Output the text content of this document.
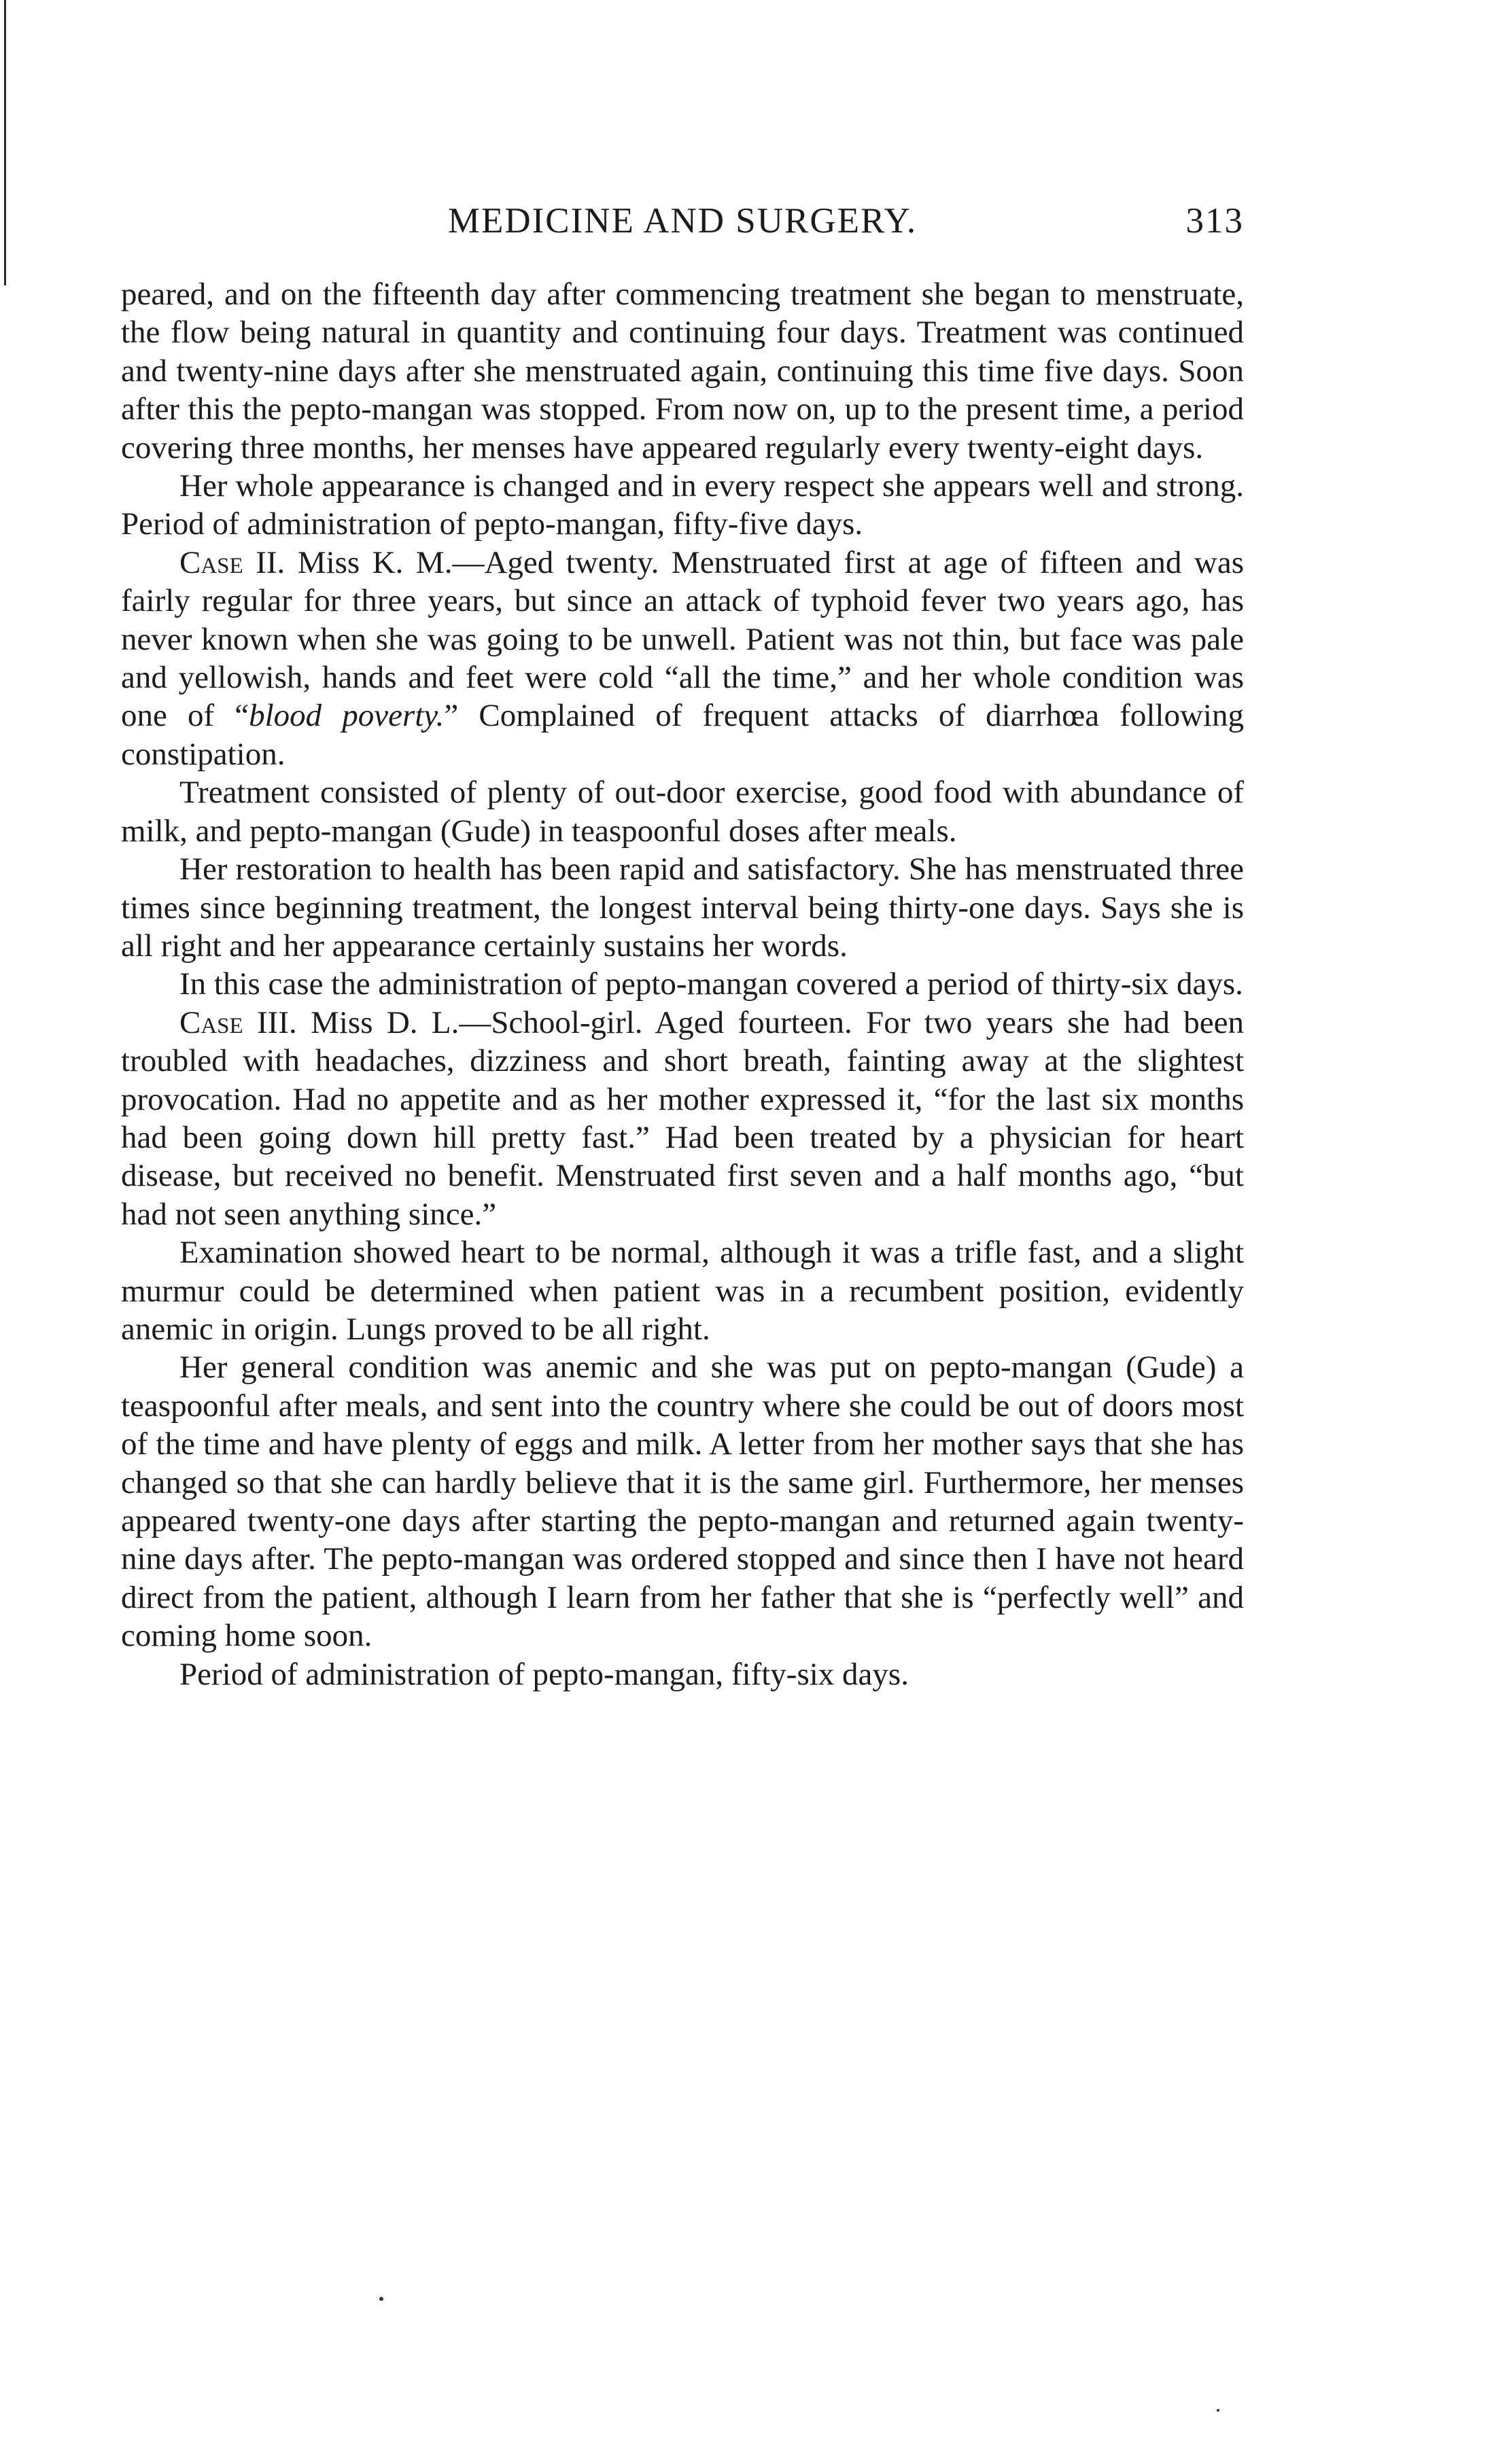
MEDICINE AND SURGERY.	313

peared, and on the fifteenth day after commencing treatment she began to menstruate, the flow being natural in quantity and continuing four days. Treatment was continued and twenty-nine days after she menstruated again, continuing this time five days. Soon after this the pepto-mangan was stopped. From now on, up to the present time, a period covering three months, her menses have appeared regularly every twenty-eight days.

Her whole appearance is changed and in every respect she appears well and strong. Period of administration of pepto-mangan, fifty-five days.

Case II. Miss K. M.—Aged twenty. Menstruated first at age of fifteen and was fairly regular for three years, but since an attack of typhoid fever two years ago, has never known when she was going to be unwell. Patient was not thin, but face was pale and yellowish, hands and feet were cold “all the time,” and her whole condition was one of “blood poverty.” Complained of frequent attacks of diarrhœa following constipation.

Treatment consisted of plenty of out-door exercise, good food with abundance of milk, and pepto-mangan (Gude) in teaspoonful doses after meals.

Her restoration to health has been rapid and satisfactory. She has menstruated three times since beginning treatment, the longest interval being thirty-one days. Says she is all right and her appearance certainly sustains her words.

In this case the administration of pepto-mangan covered a period of thirty-six days.

Case III. Miss D. L.—School-girl. Aged fourteen. For two years she had been troubled with headaches, dizziness and short breath, fainting away at the slightest provocation. Had no appetite and as her mother expressed it, “for the last six months had been going down hill pretty fast.” Had been treated by a physician for heart disease, but received no benefit. Menstruated first seven and a half months ago, “but had not seen anything since.”

Examination showed heart to be normal, although it was a trifle fast, and a slight murmur could be determined when patient was in a recumbent position, evidently anemic in origin. Lungs proved to be all right.

Her general condition was anemic and she was put on pepto-mangan (Gude) a teaspoonful after meals, and sent into the country where she could be out of doors most of the time and have plenty of eggs and milk. A letter from her mother says that she has changed so that she can hardly believe that it is the same girl. Furthermore, her menses appeared twenty-one days after starting the pepto-mangan and returned again twenty-nine days after. The pepto-mangan was ordered stopped and since then I have not heard direct from the patient, although I learn from her father that she is “perfectly well” and coming home soon.

Period of administration of pepto-mangan, fifty-six days.
